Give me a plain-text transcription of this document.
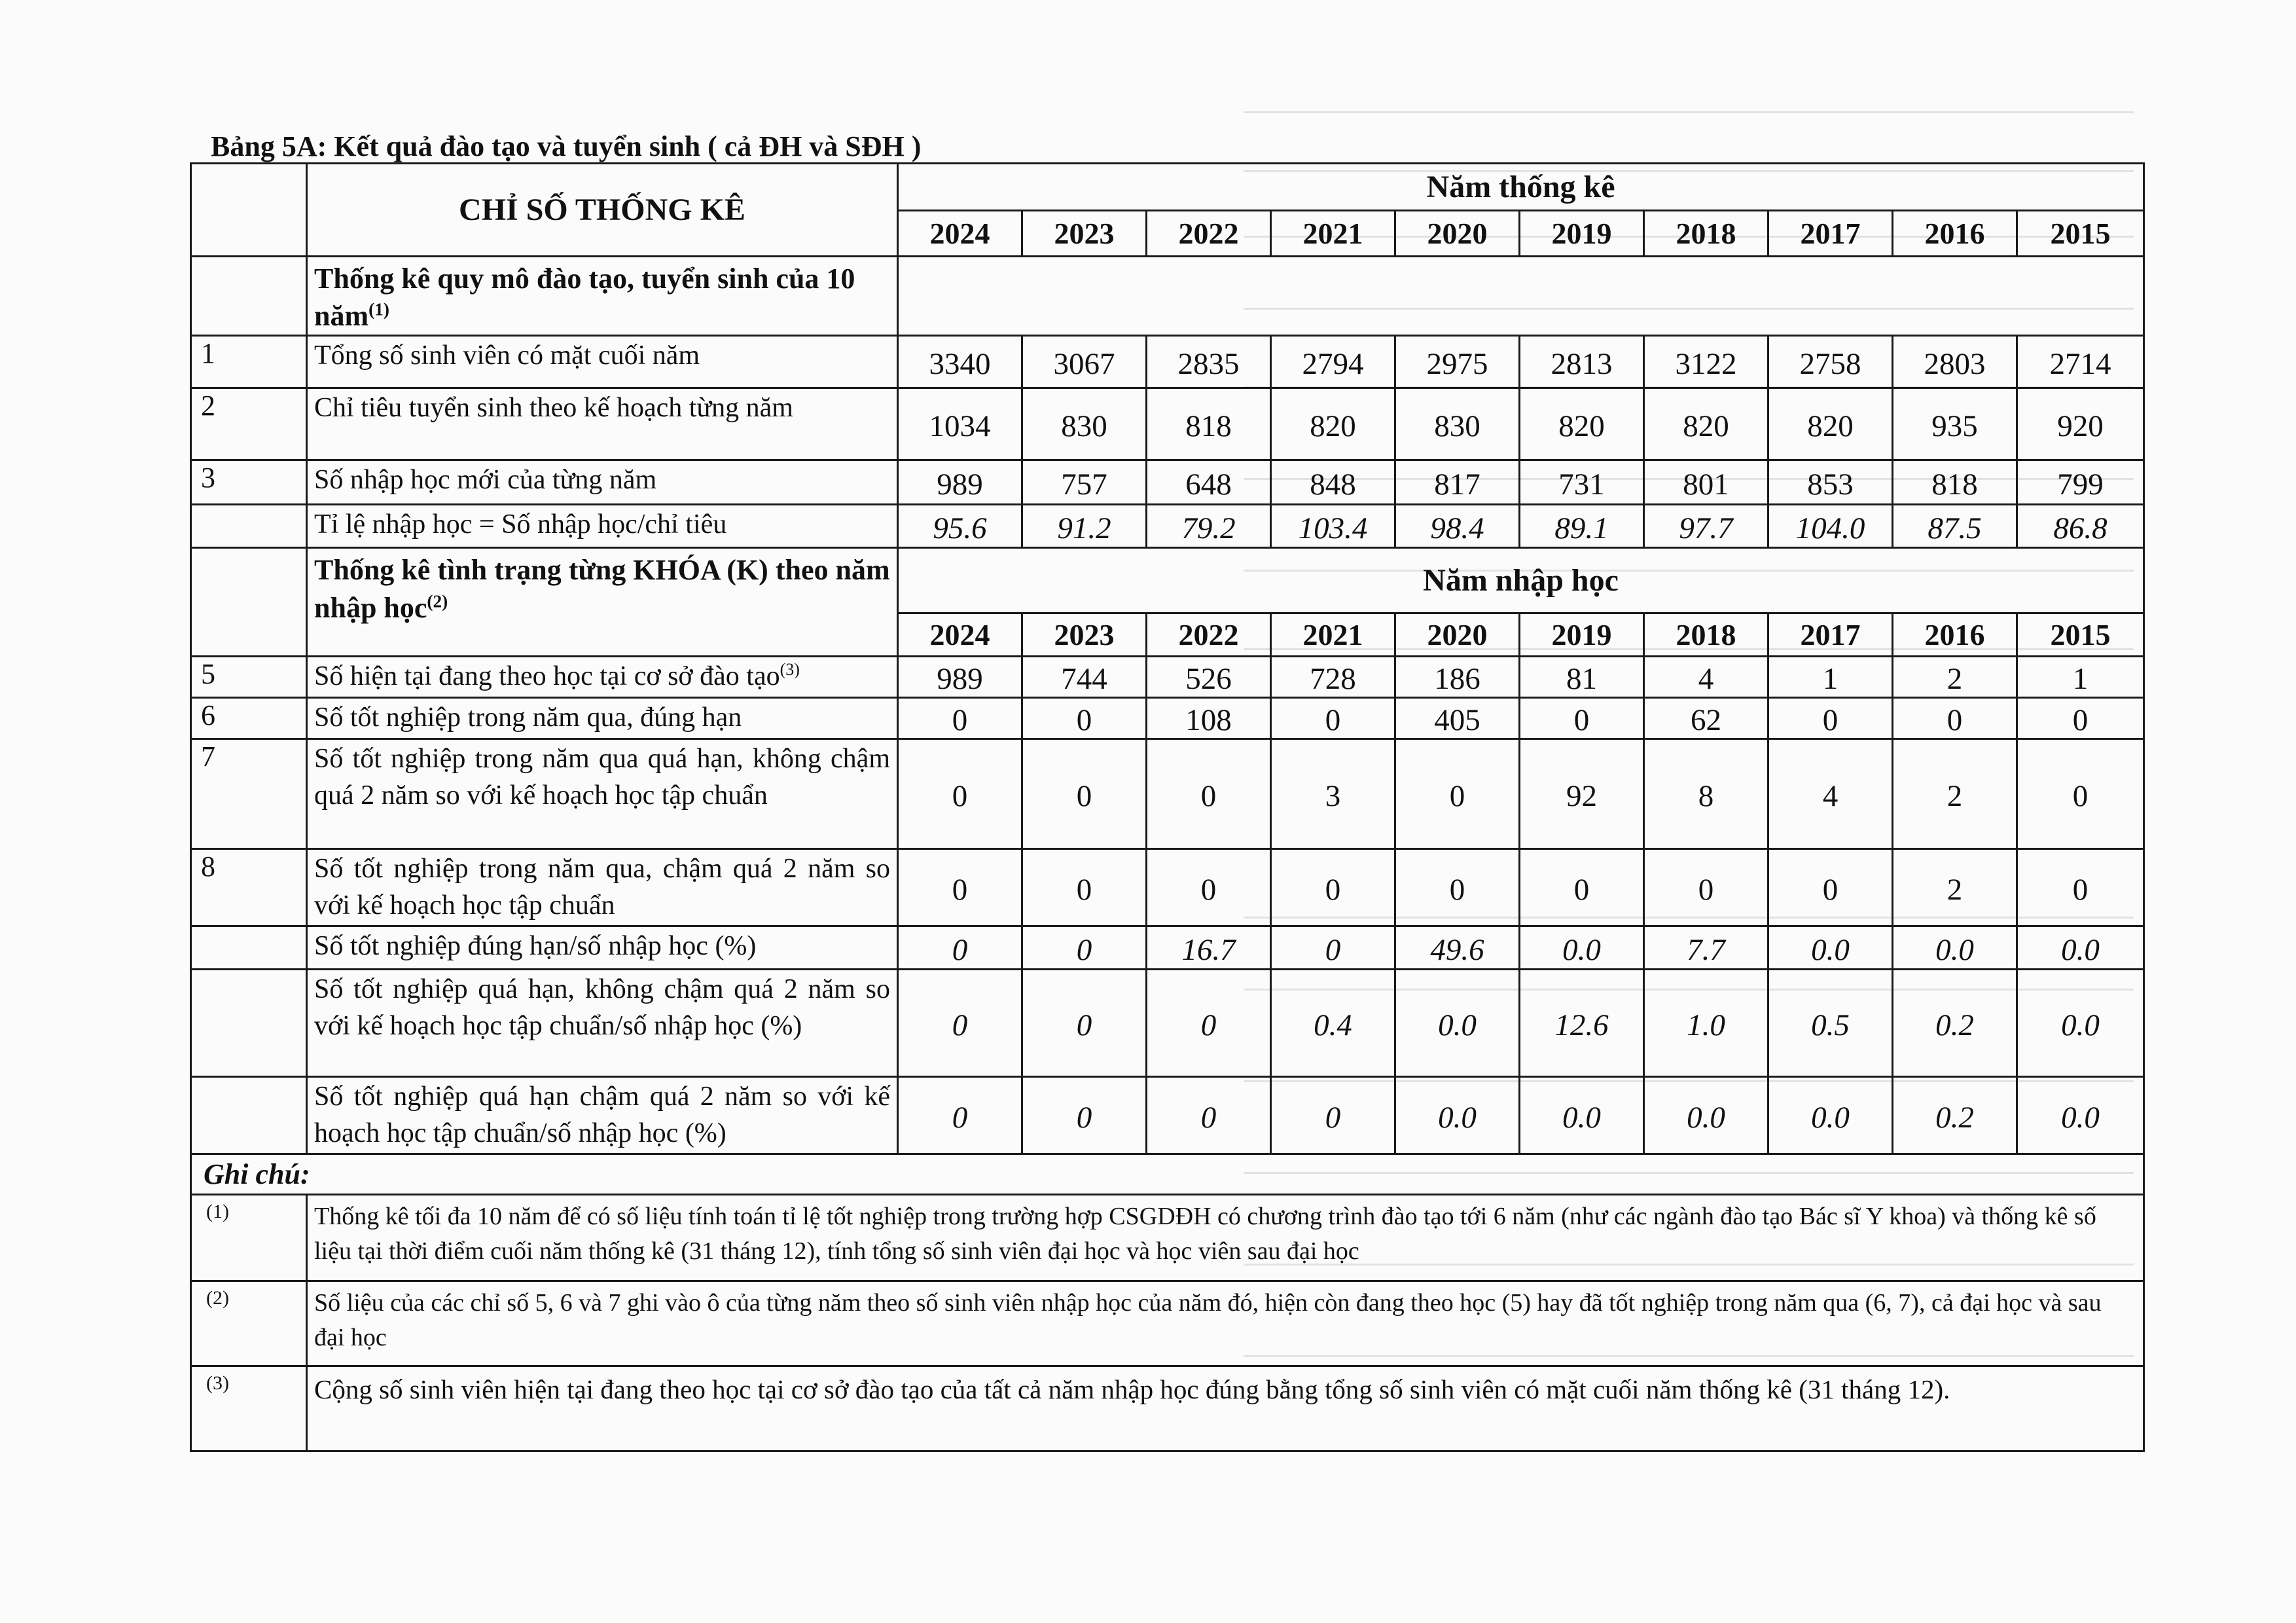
Bảng 5A: Kết quả đào tạo và tuyển sinh ( cả ĐH và SĐH )
	CHỈ SỐ THỐNG KÊ	Năm thống kê									
		2024	2023	2022	2021	2020	2019	2018	2017	2016	2015
	Thống kê quy mô đào tạo, tuyển sinh của 10 năm$^{(1)}$	
1	Tổng số sinh viên có mặt cuối năm	3340	3067	2835	2794	2975	2813	3122	2758	2803	2714
2	Chỉ tiêu tuyển sinh theo kế hoạch từng năm	1034	830	818	820	830	820	820	820	935	920
3	Số nhập học mới của từng năm	989	757	648	848	817	731	801	853	818	799
	Tỉ lệ nhập học = Số nhập học/chỉ tiêu	95.6	91.2	79.2	103.4	98.4	89.1	97.7	104.0	87.5	86.8
	Thống kê tình trạng từng KHÓA (K) theo năm nhập học$^{(2)}$	Năm nhập học									
		2024	2023	2022	2021	2020	2019	2018	2017	2016	2015
5	Số hiện tại đang theo học tại cơ sở đào tạo$^{(3)}$	989	744	526	728	186	81	4	1	2	1
6	Số tốt nghiệp trong năm qua, đúng hạn	0	0	108	0	405	0	62	0	0	0
7	Số tốt nghiệp trong năm qua quá hạn, không chậm quá 2 năm so với kế hoạch học tập chuẩn	0	0	0	3	0	92	8	4	2	0
8	Số tốt nghiệp trong năm qua, chậm quá 2 năm so với kế hoạch học tập chuẩn	0	0	0	0	0	0	0	0	2	0
	Số tốt nghiệp đúng hạn/số nhập học (%)	0	0	16.7	0	49.6	0.0	7.7	0.0	0.0	0.0
	Số tốt nghiệp quá hạn, không chậm quá 2 năm so với kế hoạch học tập chuẩn/số nhập học (%)	0	0	0	0.4	0.0	12.6	1.0	0.5	0.2	0.0
	Số tốt nghiệp quá hạn chậm quá 2 năm so với kế hoạch học tập chuẩn/số nhập học (%)	0	0	0	0	0.0	0.0	0.0	0.0	0.2	0.0
Ghi chú:											
(1)	Thống kê tối đa 10 năm để có số liệu tính toán tỉ lệ tốt nghiệp trong trường hợp CSGDĐH có chương trình đào tạo tới 6 năm (như các ngành đào tạo Bác sĩ Y khoa) và thống kê số liệu tại thời điểm cuối năm thống kê (31 tháng 12), tính tổng số sinh viên đại học và học viên sau đại học										
(2)	Số liệu của các chỉ số 5, 6 và 7 ghi vào ô của từng năm theo số sinh viên nhập học của năm đó, hiện còn đang theo học (5) hay đã tốt nghiệp trong năm qua (6, 7), cả đại học và sau đại học										
(3)	Cộng số sinh viên hiện tại đang theo học tại cơ sở đào tạo của tất cả năm nhập học đúng bằng tổng số sinh viên có mặt cuối năm thống kê (31 tháng 12).										
